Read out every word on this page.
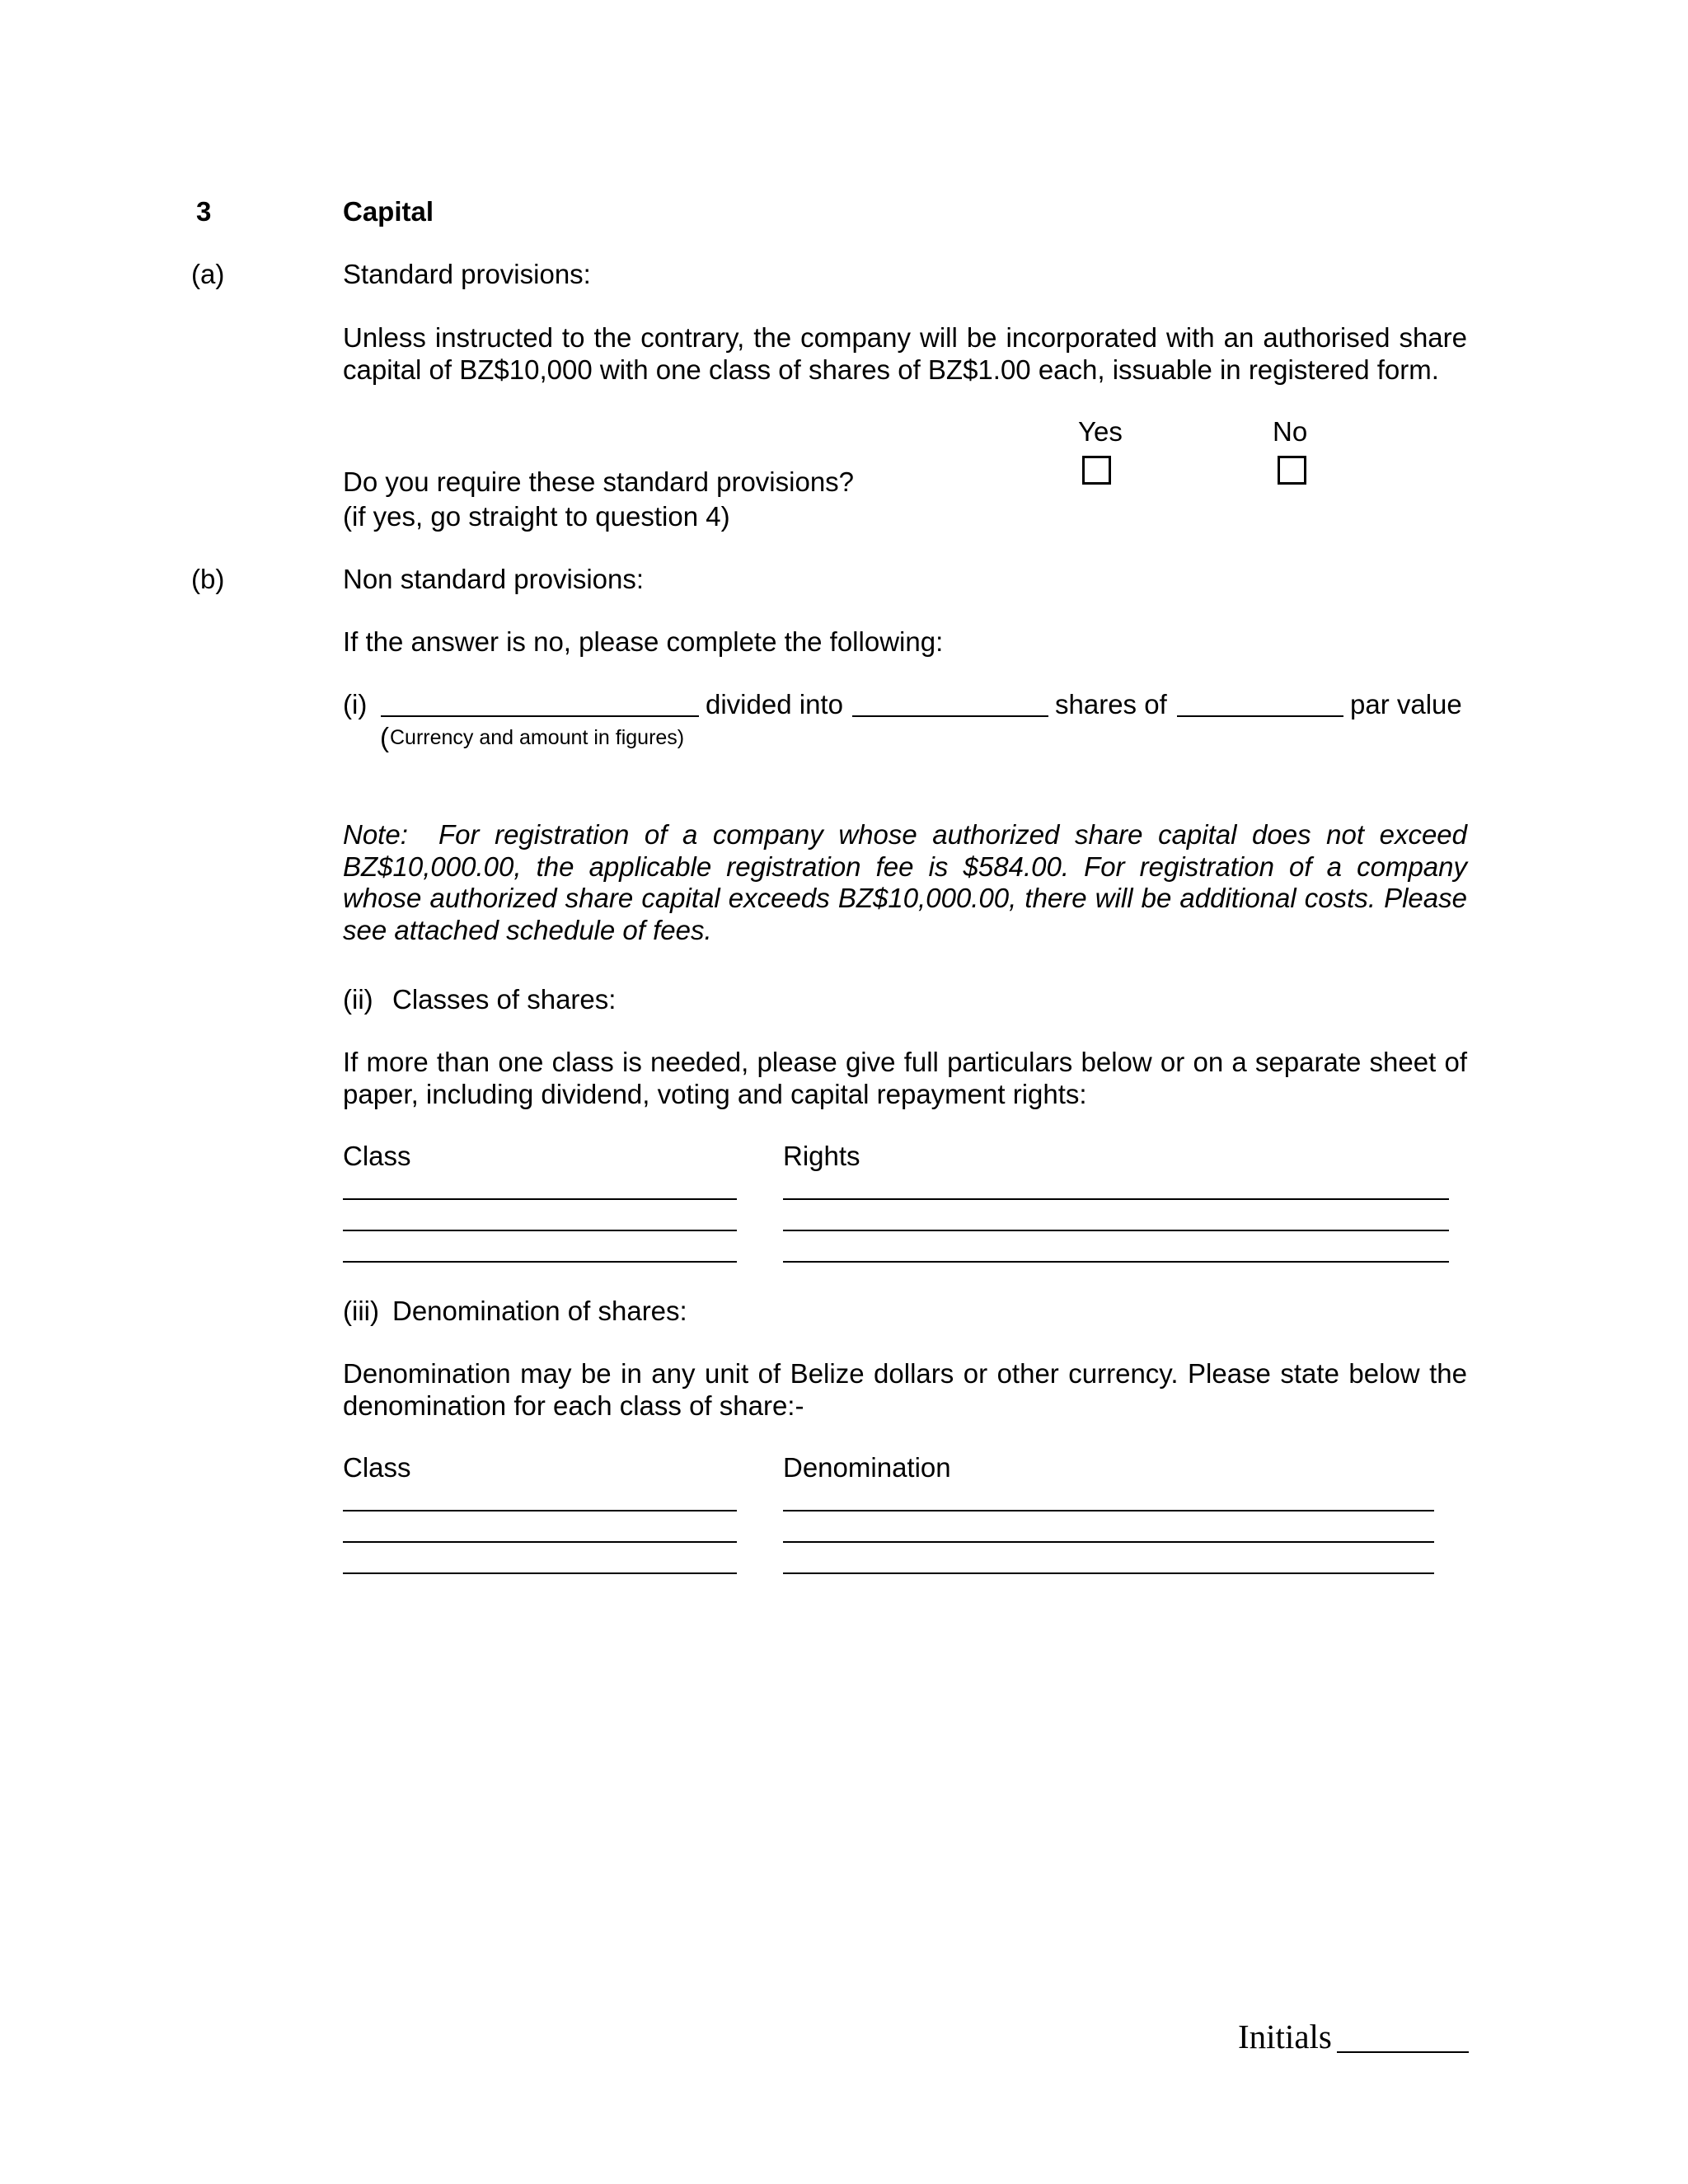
3	Capital
(a)	Standard provisions:
Unless instructed to the contrary, the company will be incorporated with an authorised share capital of BZ$10,000 with one class of shares of BZ$1.00 each, issuable in registered form.
Yes	No
Do you require these standard provisions?
(if yes, go straight to question 4)
(b)	Non standard provisions:
If the answer is no, please complete the following:
(i)	divided into	shares of	par value
( Currency and amount in figures)
Note: For registration of a company whose authorized share capital does not exceed BZ$10,000.00, the applicable registration fee is $584.00. For registration of a company whose authorized share capital exceeds BZ$10,000.00, there will be additional costs. Please see attached schedule of fees.
(ii) Classes of shares:
If more than one class is needed, please give full particulars below or on a separate sheet of paper, including dividend, voting and capital repayment rights:
Class	Rights
(iii) Denomination of shares:
Denomination may be in any unit of Belize dollars or other currency. Please state below the denomination for each class of share:-
Class	Denomination
Initials
